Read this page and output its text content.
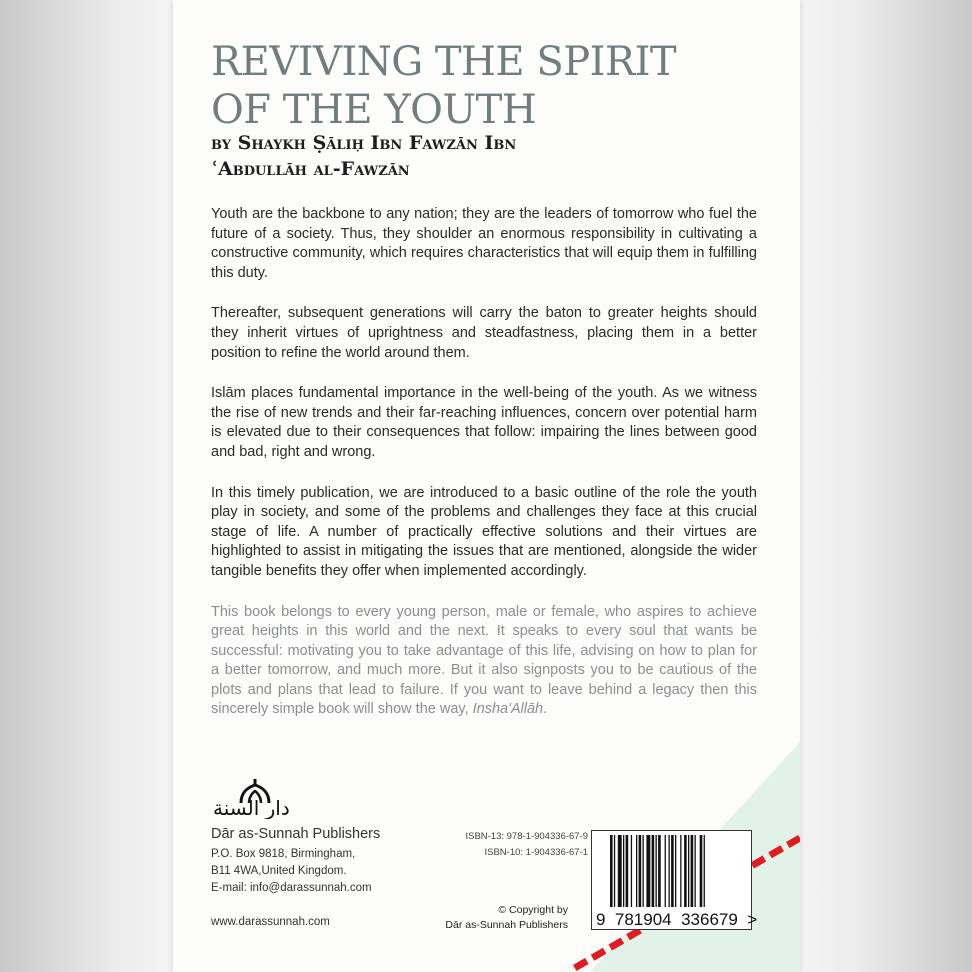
REVIVING THE SPIRIT
OF THE YOUTH
by Shaykh Ṣāliḥ Ibn Fawzān Ibn
ʿAbdullāh al-Fawzān

Youth are the backbone to any nation; they are the leaders of tomorrow who fuel the future of a society. Thus, they shoulder an enormous responsibility in cultivating a constructive community, which requires characteristics that will equip them in fulfilling this duty.

Thereafter, subsequent generations will carry the baton to greater heights should they inherit virtues of uprightness and steadfastness, placing them in a better position to refine the world around them.

Islām places fundamental importance in the well-being of the youth. As we witness the rise of new trends and their far-reaching influences, concern over potential harm is elevated due to their consequences that follow: impairing the lines between good and bad, right and wrong.

In this timely publication, we are introduced to a basic outline of the role the youth play in society, and some of the problems and challenges they face at this crucial stage of life. A number of practically effective solutions and their virtues are highlighted to assist in mitigating the issues that are mentioned, alongside the wider tangible benefits they offer when implemented accordingly.

This book belongs to every young person, male or female, who aspires to achieve great heights in this world and the next. It speaks to every soul that wants be successful: motivating you to take advantage of this life, advising on how to plan for a better tomorrow, and much more. But it also signposts you to be cautious of the plots and plans that lead to failure. If you want to leave behind a legacy then this sincerely simple book will show the way, Insha'Allāh.

دار السنة
Dār as-Sunnah Publishers
P.O. Box 9818, Birmingham,
B11 4WA,United Kingdom.
E-mail: info@darassunnah.com
www.darassunnah.com
ISBN-13: 978-1-904336-67-9
ISBN-10: 1-904336-67-1
© Copyright by
Dār as-Sunnah Publishers 9  781904  336679  >
